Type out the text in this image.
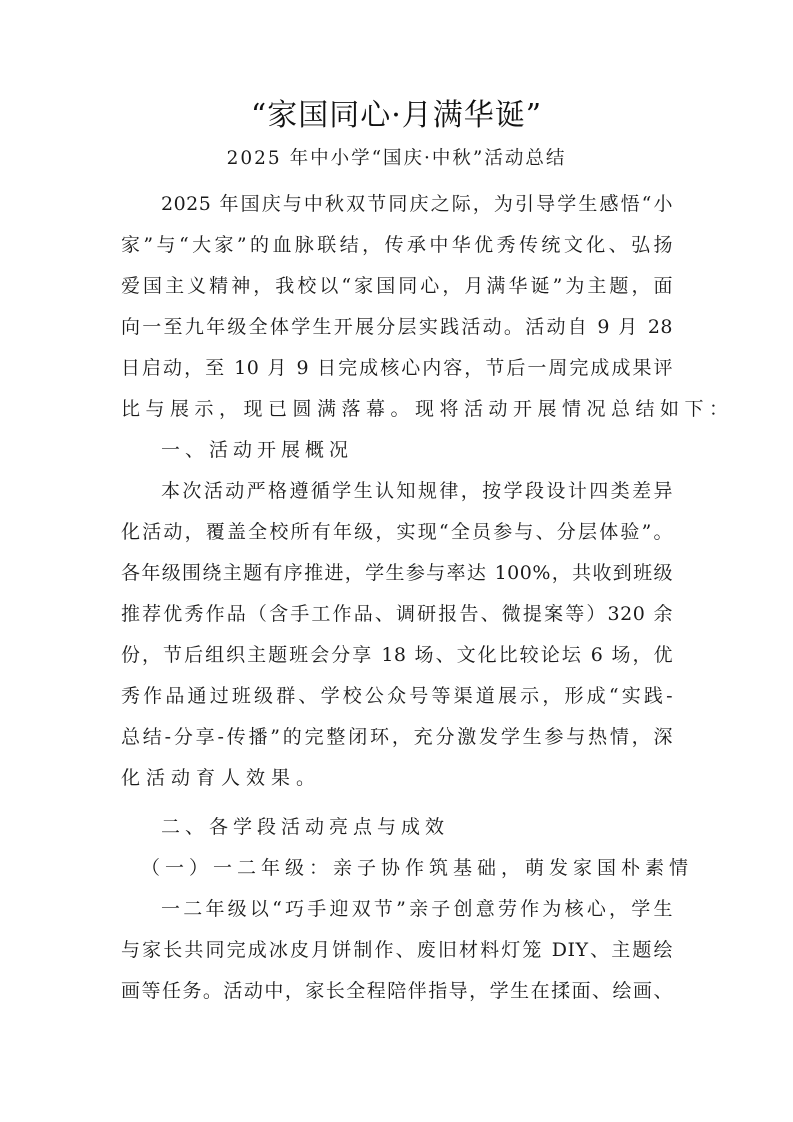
“家国同心·月满华诞”
2025 年中小学“国庆·中秋”活动总结
2025 年国庆与中秋双节同庆之际，为引导学生感悟“小
家”与“大家”的血脉联结，传承中华优秀传统文化、弘扬
爱国主义精神，我校以“家国同心，月满华诞”为主题，面
向一至九年级全体学生开展分层实践活动。活动自 9 月 28
日启动，至 10 月 9 日完成核心内容，节后一周完成成果评
比与展示，现已圆满落幕。现将活动开展情况总结如下：
一、活动开展概况
本次活动严格遵循学生认知规律，按学段设计四类差异
化活动，覆盖全校所有年级，实现“全员参与、分层体验”。
各年级围绕主题有序推进，学生参与率达 100%，共收到班级
推荐优秀作品（含手工作品、调研报告、微提案等）320 余
份，节后组织主题班会分享 18 场、文化比较论坛 6 场，优
秀作品通过班级群、学校公众号等渠道展示，形成“实践-
总结-分享-传播”的完整闭环，充分激发学生参与热情，深
化活动育人效果。
二、各学段活动亮点与成效
（一）一二年级：亲子协作筑基础，萌发家国朴素情
一二年级以“巧手迎双节”亲子创意劳作为核心，学生
与家长共同完成冰皮月饼制作、废旧材料灯笼 DIY、主题绘
画等任务。活动中，家长全程陪伴指导，学生在揉面、绘画、
